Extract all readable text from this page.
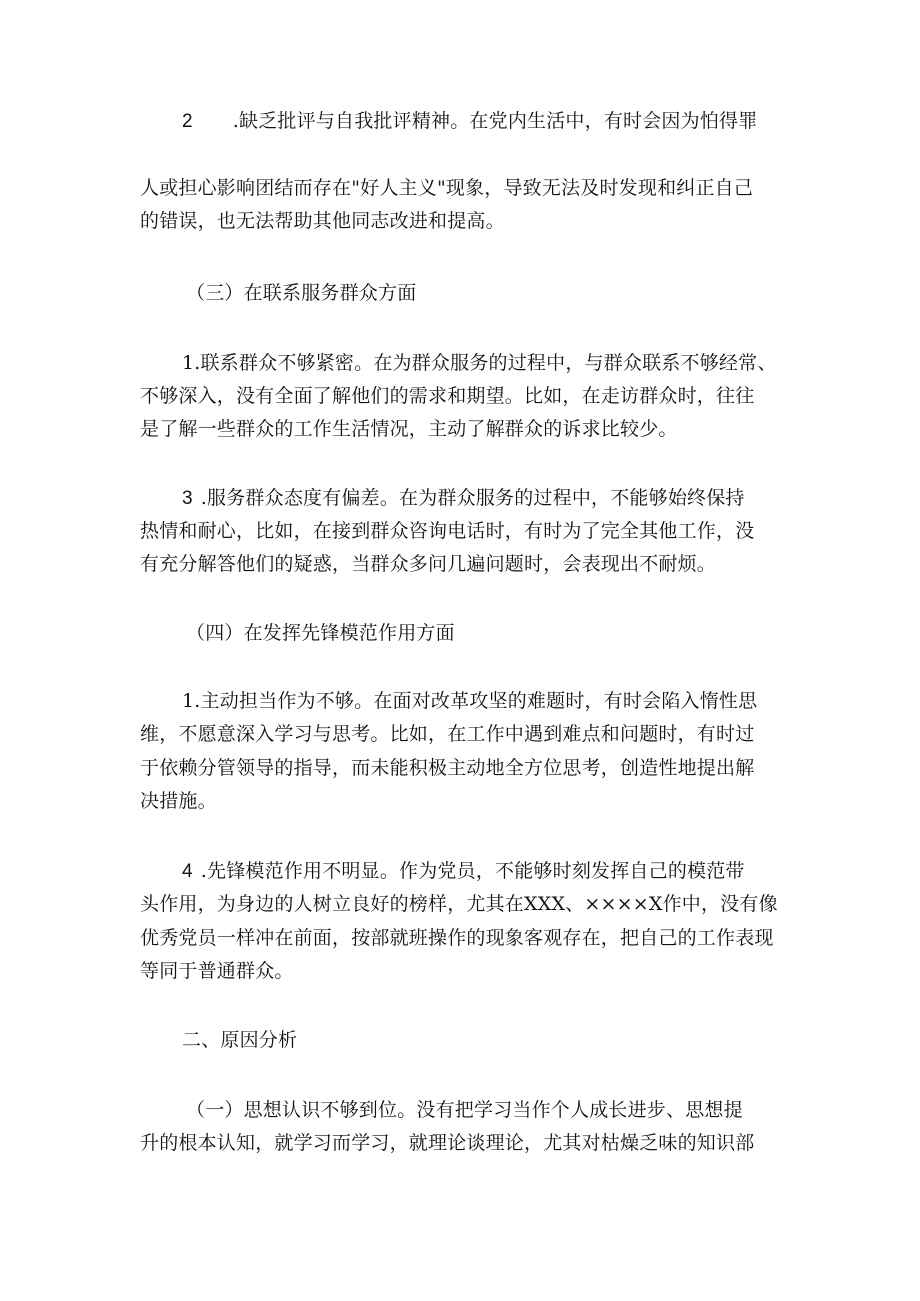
2 .缺乏批评与自我批评精神。在党内生活中，有时会因为怕得罪
人或担心影响团结而存在"好人主义"现象，导致无法及时发现和纠正自己
的错误，也无法帮助其他同志改进和提高。
（三）在联系服务群众方面
1.联系群众不够紧密。在为群众服务的过程中，与群众联系不够经常、
不够深入，没有全面了解他们的需求和期望。比如，在走访群众时，往往
是了解一些群众的工作生活情况，主动了解群众的诉求比较少。
3 .服务群众态度有偏差。在为群众服务的过程中，不能够始终保持
热情和耐心，比如，在接到群众咨询电话时，有时为了完全其他工作，没
有充分解答他们的疑惑，当群众多问几遍问题时，会表现出不耐烦。
（四）在发挥先锋模范作用方面
1.主动担当作为不够。在面对改革攻坚的难题时，有时会陷入惰性思
维，不愿意深入学习与思考。比如，在工作中遇到难点和问题时，有时过
于依赖分管领导的指导，而未能积极主动地全方位思考，创造性地提出解
决措施。
4 .先锋模范作用不明显。作为党员，不能够时刻发挥自己的模范带
头作用，为身边的人树立良好的榜样，尤其在XXX、××××X作中，没有像
优秀党员一样冲在前面，按部就班操作的现象客观存在，把自己的工作表现
等同于普通群众。
二、原因分析
（一）思想认识不够到位。没有把学习当作个人成长进步、思想提
升的根本认知，就学习而学习，就理论谈理论，尤其对枯燥乏味的知识部
